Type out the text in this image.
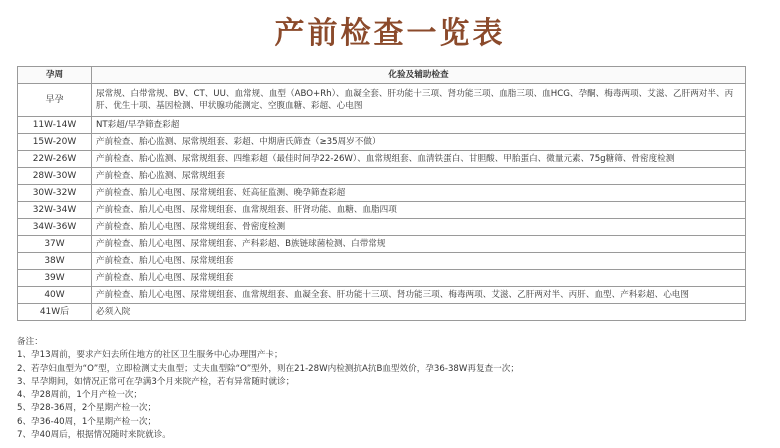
产前检查一览表
孕周	化验及辅助检查
早孕	尿常规、白带常规、BV、CT、UU、血常规、血型（ABO+Rh）、血凝全套、肝功能十三项、肾功能三项、血脂三项、血HCG、孕酮、梅毒两项、艾滋、乙肝两对半、丙肝、优生十项、基因检测、甲状腺功能测定、空腹血糖、彩超、心电图
11W-14W	NT彩超/早孕筛查彩超
15W-20W	产前检查、胎心监测、尿常规组套、彩超、中期唐氏筛查（≥35周岁不做）
22W-26W	产前检查、胎心监测、尿常规组套、四维彩超（最佳时间孕22-26W）、血常规组套、血清铁蛋白、甘胆酸、甲胎蛋白、微量元素、75g糖筛、骨密度检测
28W-30W	产前检查、胎心监测、尿常规组套
30W-32W	产前检查、胎儿心电图、尿常规组套、妊高征监测、晚孕筛查彩超
32W-34W	产前检查、胎儿心电图、尿常规组套、血常规组套、肝肾功能、血糖、血脂四项
34W-36W	产前检查、胎儿心电图、尿常规组套、骨密度检测
37W	产前检查、胎儿心电图、尿常规组套、产科彩超、B族链球菌检测、白带常规
38W	产前检查、胎儿心电图、尿常规组套
39W	产前检查、胎儿心电图、尿常规组套
40W	产前检查、胎儿心电图、尿常规组套、血常规组套、血凝全套、肝功能十三项、肾功能三项、梅毒两项、艾滋、乙肝两对半、丙肝、血型、产科彩超、心电图
41W后	必须入院
备注：
1、孕13周前，要求产妇去所住地方的社区卫生服务中心办理围产卡；
2、若孕妇血型为“O”型，立即检测丈夫血型；丈夫血型除“O”型外，则在21-28W内检测抗A抗B血型效价，孕36-38W再复查一次；
3、早孕期间，如情况正常可在孕满3个月来院产检，若有异常随时就诊；
4、孕28周前，1个月产检一次；
5、孕28-36周，2个星期产检一次；
6、孕36-40周，1个星期产检一次；
7、孕40周后，根据情况随时来院就诊。
